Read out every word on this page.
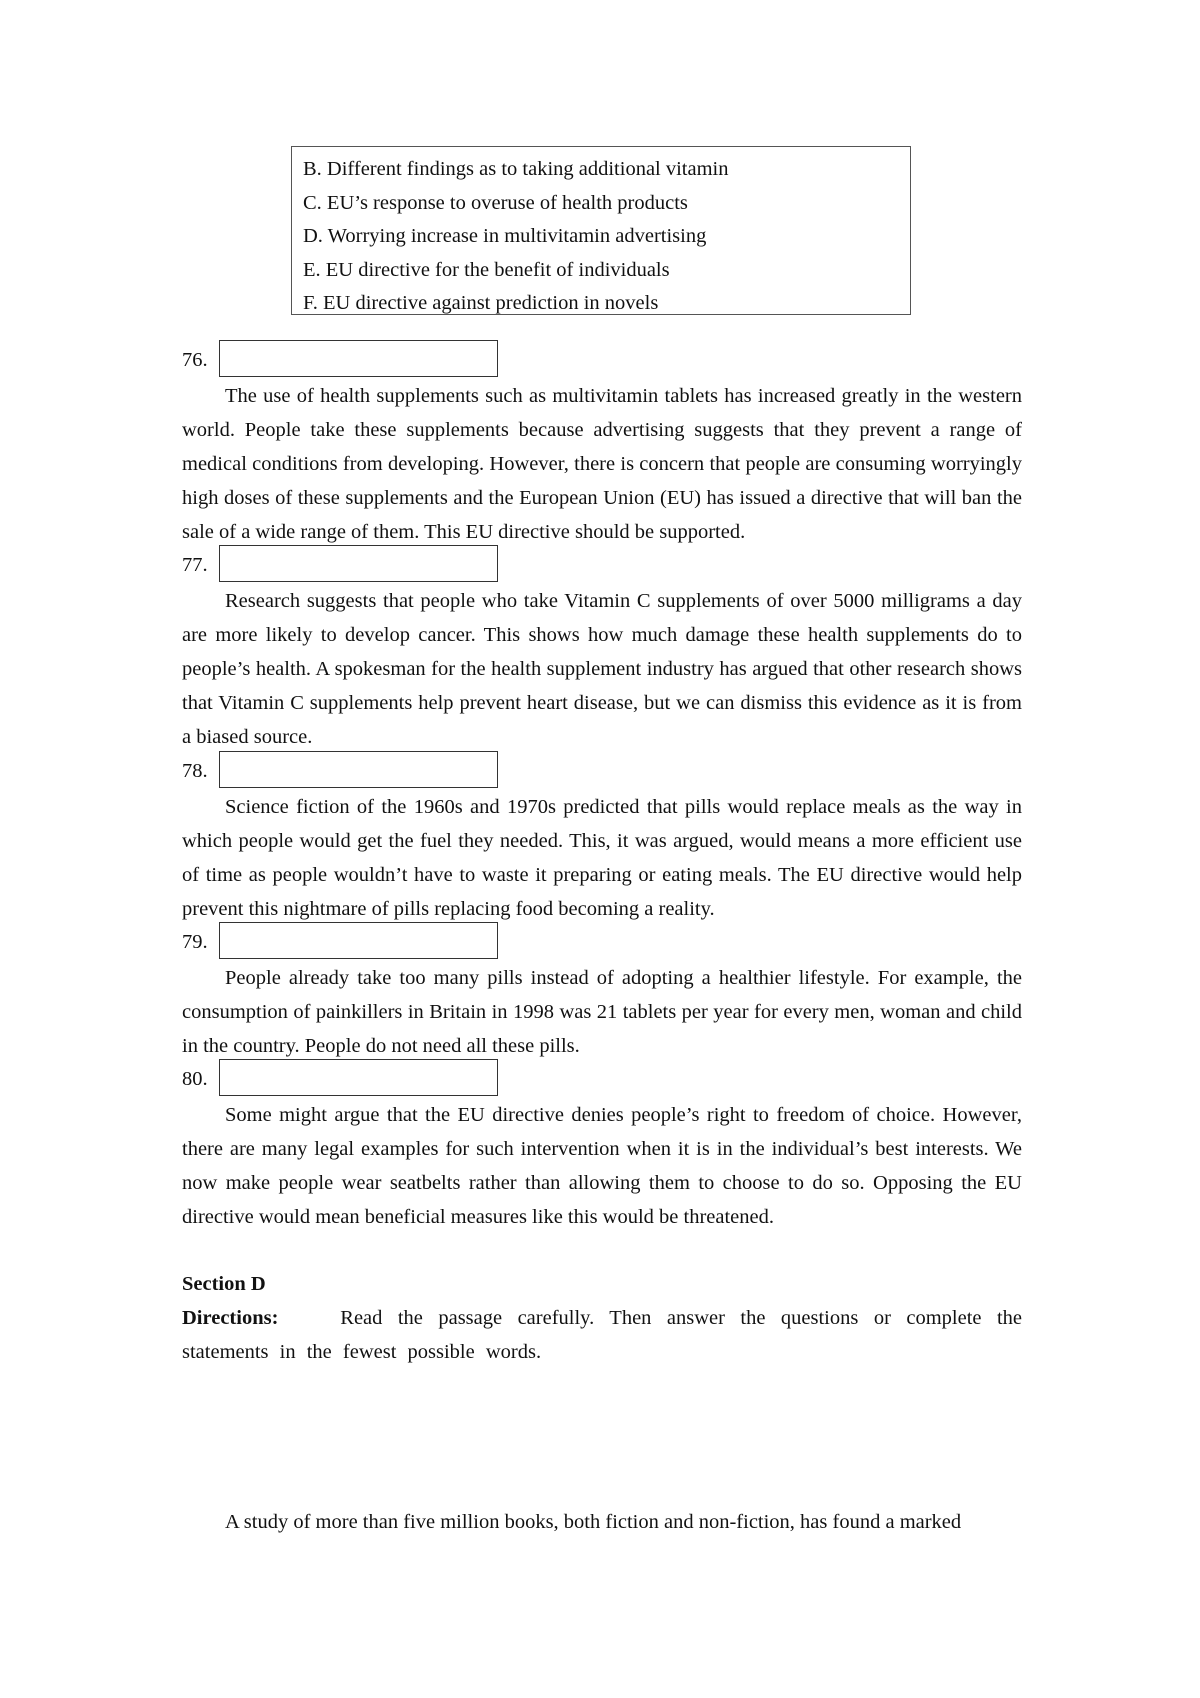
B. Different findings as to taking additional vitamin
C. EU’s response to overuse of health products
D. Worrying increase in multivitamin advertising
E. EU directive for the benefit of individuals
F. EU directive against prediction in novels
76.

The use of health supplements such as multivitamin tablets has increased greatly in the western world. People take these supplements because advertising suggests that they prevent a range of medical conditions from developing. However, there is concern that people are consuming worryingly high doses of these supplements and the European Union (EU) has issued a directive that will ban the sale of a wide range of them. This EU directive should be supported.

77.

Research suggests that people who take Vitamin C supplements of over 5000 milligrams a day are more likely to develop cancer. This shows how much damage these health supplements do to people’s health. A spokesman for the health supplement industry has argued that other research shows that Vitamin C supplements help prevent heart disease, but we can dismiss this evidence as it is from a biased source.

78.

Science fiction of the 1960s and 1970s predicted that pills would replace meals as the way in which people would get the fuel they needed. This, it was argued, would means a more efficient use of time as people wouldn’t have to waste it preparing or eating meals. The EU directive would help prevent this nightmare of pills replacing food becoming a reality.

79.

People already take too many pills instead of adopting a healthier lifestyle. For example, the consumption of painkillers in Britain in 1998 was 21 tablets per year for every men, woman and child in the country. People do not need all these pills.

80.

Some might argue that the EU directive denies people’s right to freedom of choice. However, there are many legal examples for such intervention when it is in the individual’s best interests. We now make people wear seatbelts rather than allowing them to choose to do so. Opposing the EU directive would mean beneficial measures like this would be threatened.

Section D

Directions:	Read the passage carefully. Then answer the questions or complete the statements in the fewest possible words.

A study of more than five million books, both fiction and non-fiction, has found a marked
